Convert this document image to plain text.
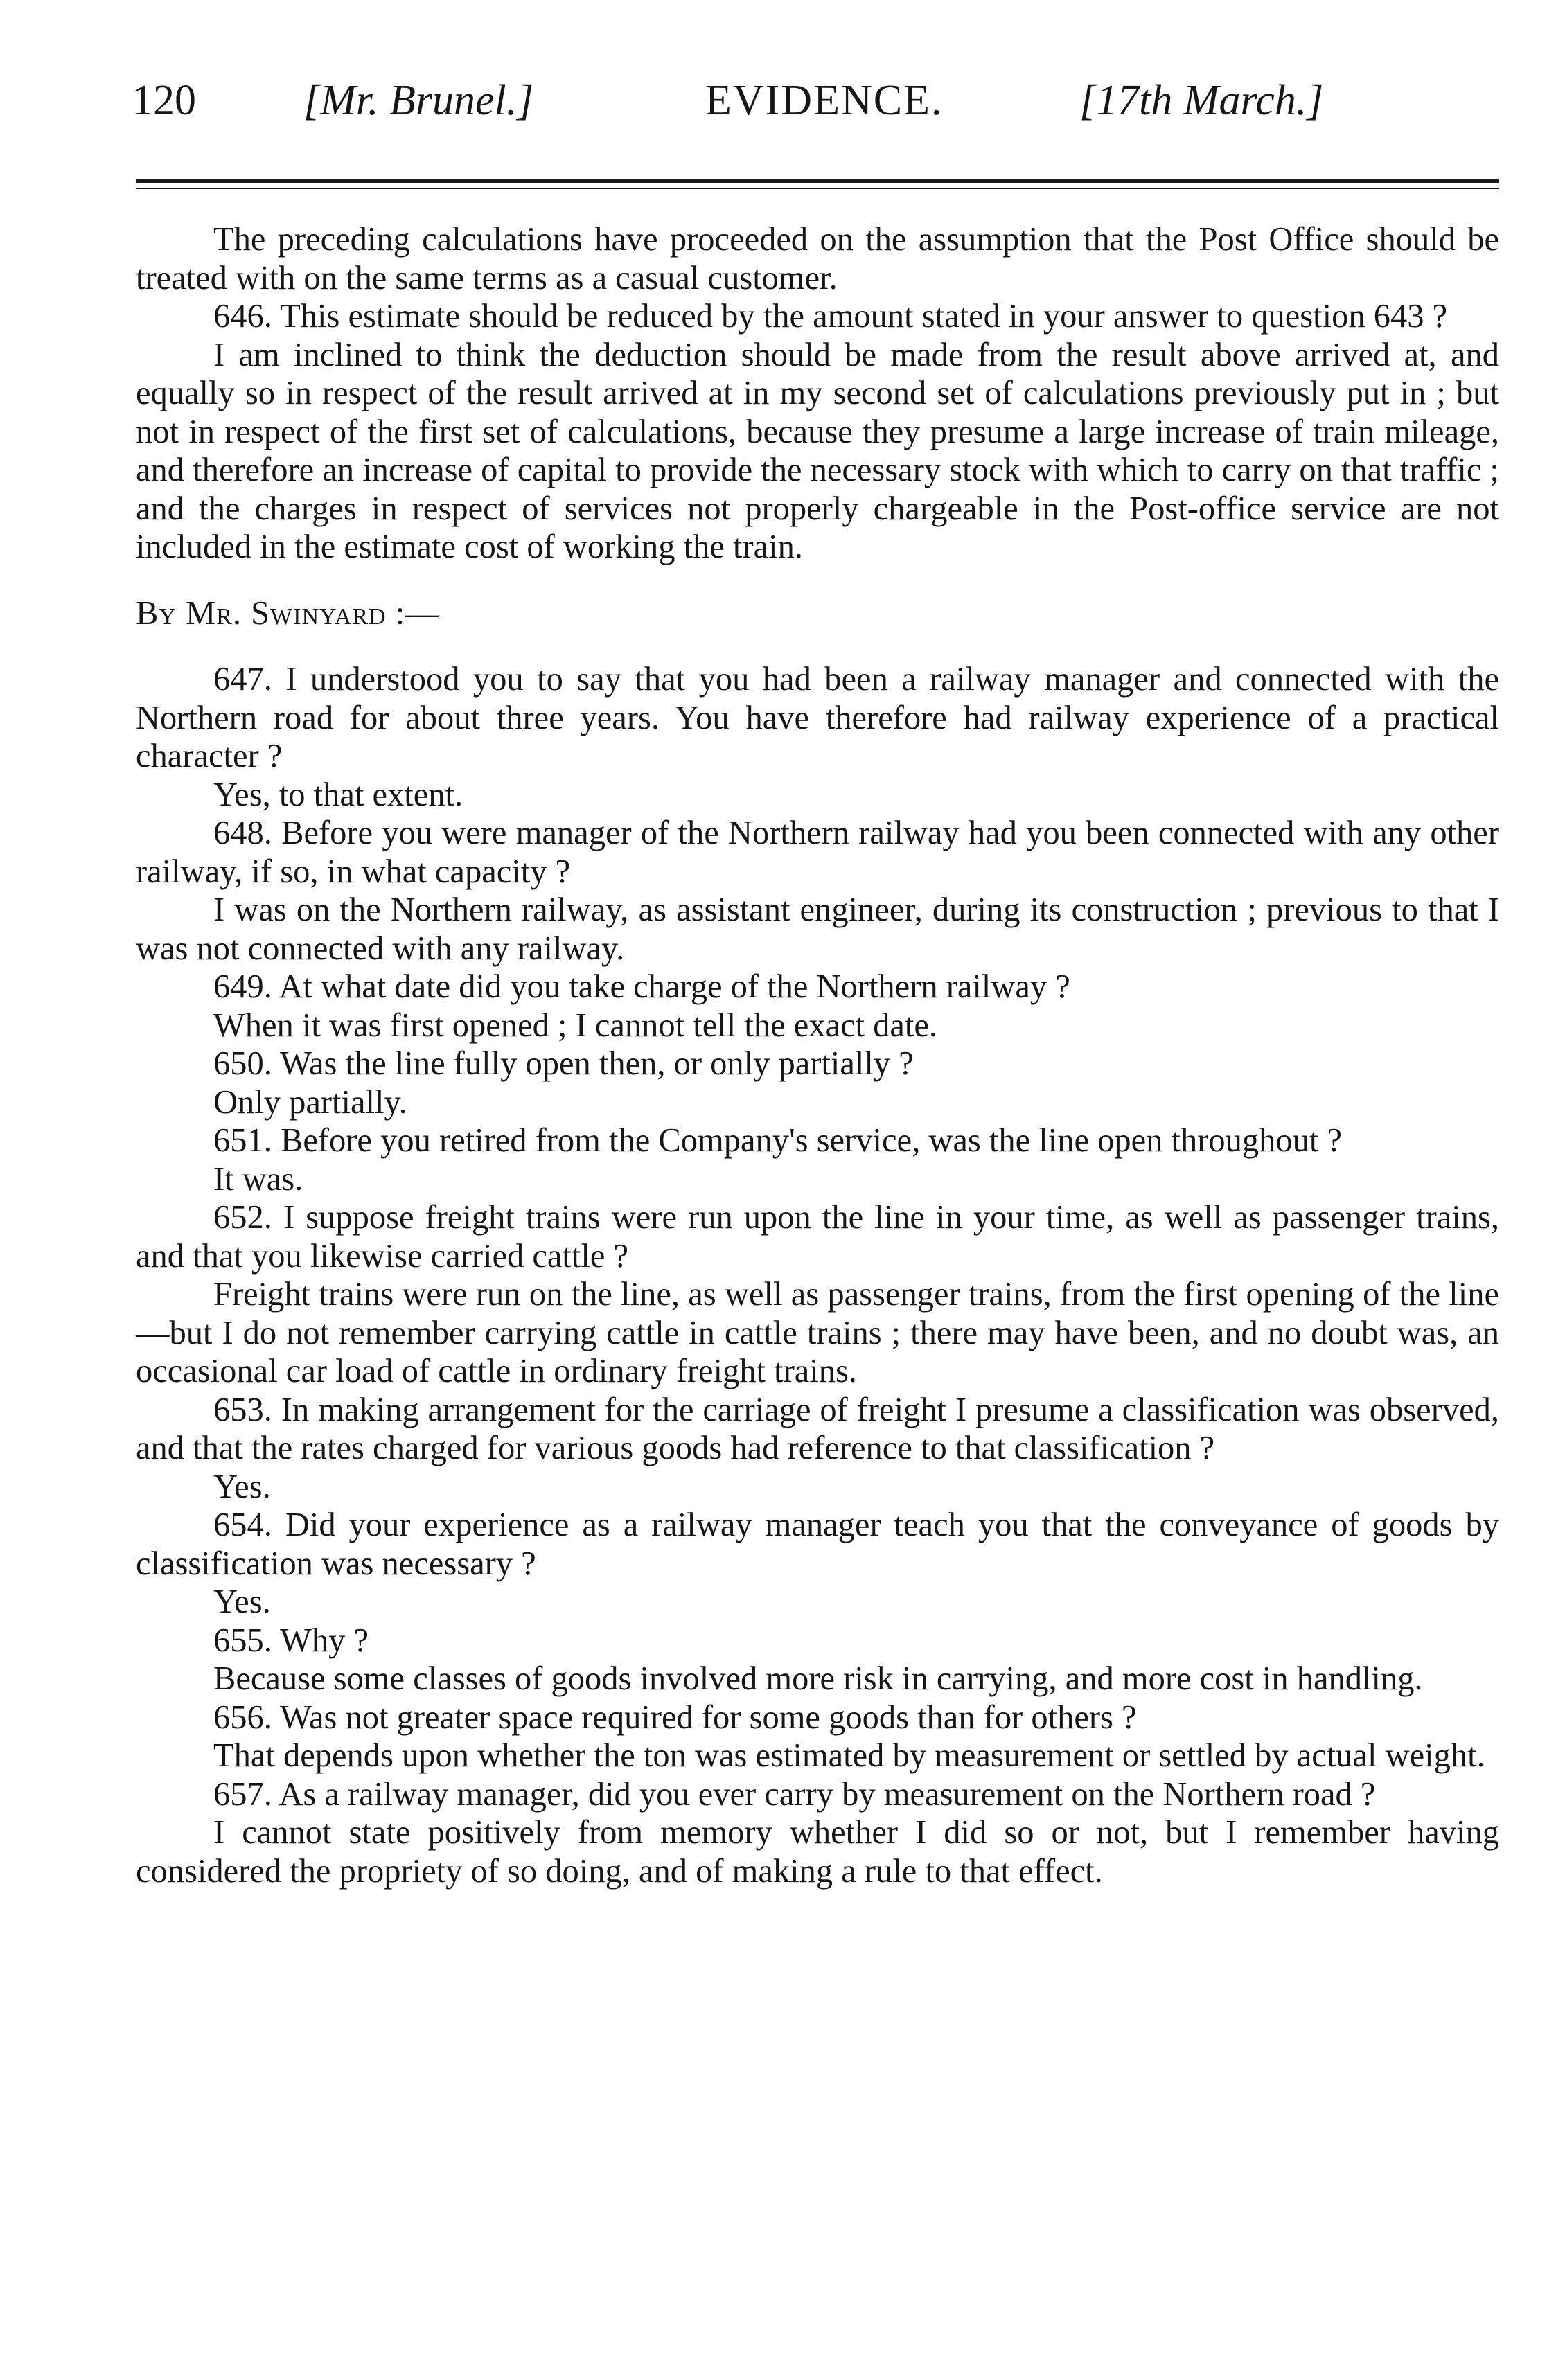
120	[Mr. Brunel.]	EVIDENCE.	[17th March.]

The preceding calculations have proceeded on the assumption that the Post Office should be treated with on the same terms as a casual customer.

646. This estimate should be reduced by the amount stated in your answer to question 643 ?

I am inclined to think the deduction should be made from the result above arrived at, and equally so in respect of the result arrived at in my second set of calculations previously put in ; but not in respect of the first set of calculations, because they presume a large increase of train mileage, and therefore an increase of capital to provide the necessary stock with which to carry on that traffic ; and the charges in respect of services not properly chargeable in the Post-office service are not included in the estimate cost of working the train.

By Mr. Swinyard :—

647. I understood you to say that you had been a railway manager and connected with the Northern road for about three years. You have therefore had railway experience of a practical character ?

Yes, to that extent.

648. Before you were manager of the Northern railway had you been connected with any other railway, if so, in what capacity ?

I was on the Northern railway, as assistant engineer, during its construction ; previous to that I was not connected with any railway.

649. At what date did you take charge of the Northern railway ?

When it was first opened ; I cannot tell the exact date.

650. Was the line fully open then, or only partially ?

Only partially.

651. Before you retired from the Company's service, was the line open throughout ?

It was.

652. I suppose freight trains were run upon the line in your time, as well as passenger trains, and that you likewise carried cattle ?

Freight trains were run on the line, as well as passenger trains, from the first opening of the line—but I do not remember carrying cattle in cattle trains ; there may have been, and no doubt was, an occasional car load of cattle in ordinary freight trains.

653. In making arrangement for the carriage of freight I presume a classification was observed, and that the rates charged for various goods had reference to that classification ?

Yes.

654. Did your experience as a railway manager teach you that the conveyance of goods by classification was necessary ?

Yes.

655. Why ?

Because some classes of goods involved more risk in carrying, and more cost in handling.

656. Was not greater space required for some goods than for others ?

That depends upon whether the ton was estimated by measurement or settled by actual weight.

657. As a railway manager, did you ever carry by measurement on the Northern road ?

I cannot state positively from memory whether I did so or not, but I remember having considered the propriety of so doing, and of making a rule to that effect.
